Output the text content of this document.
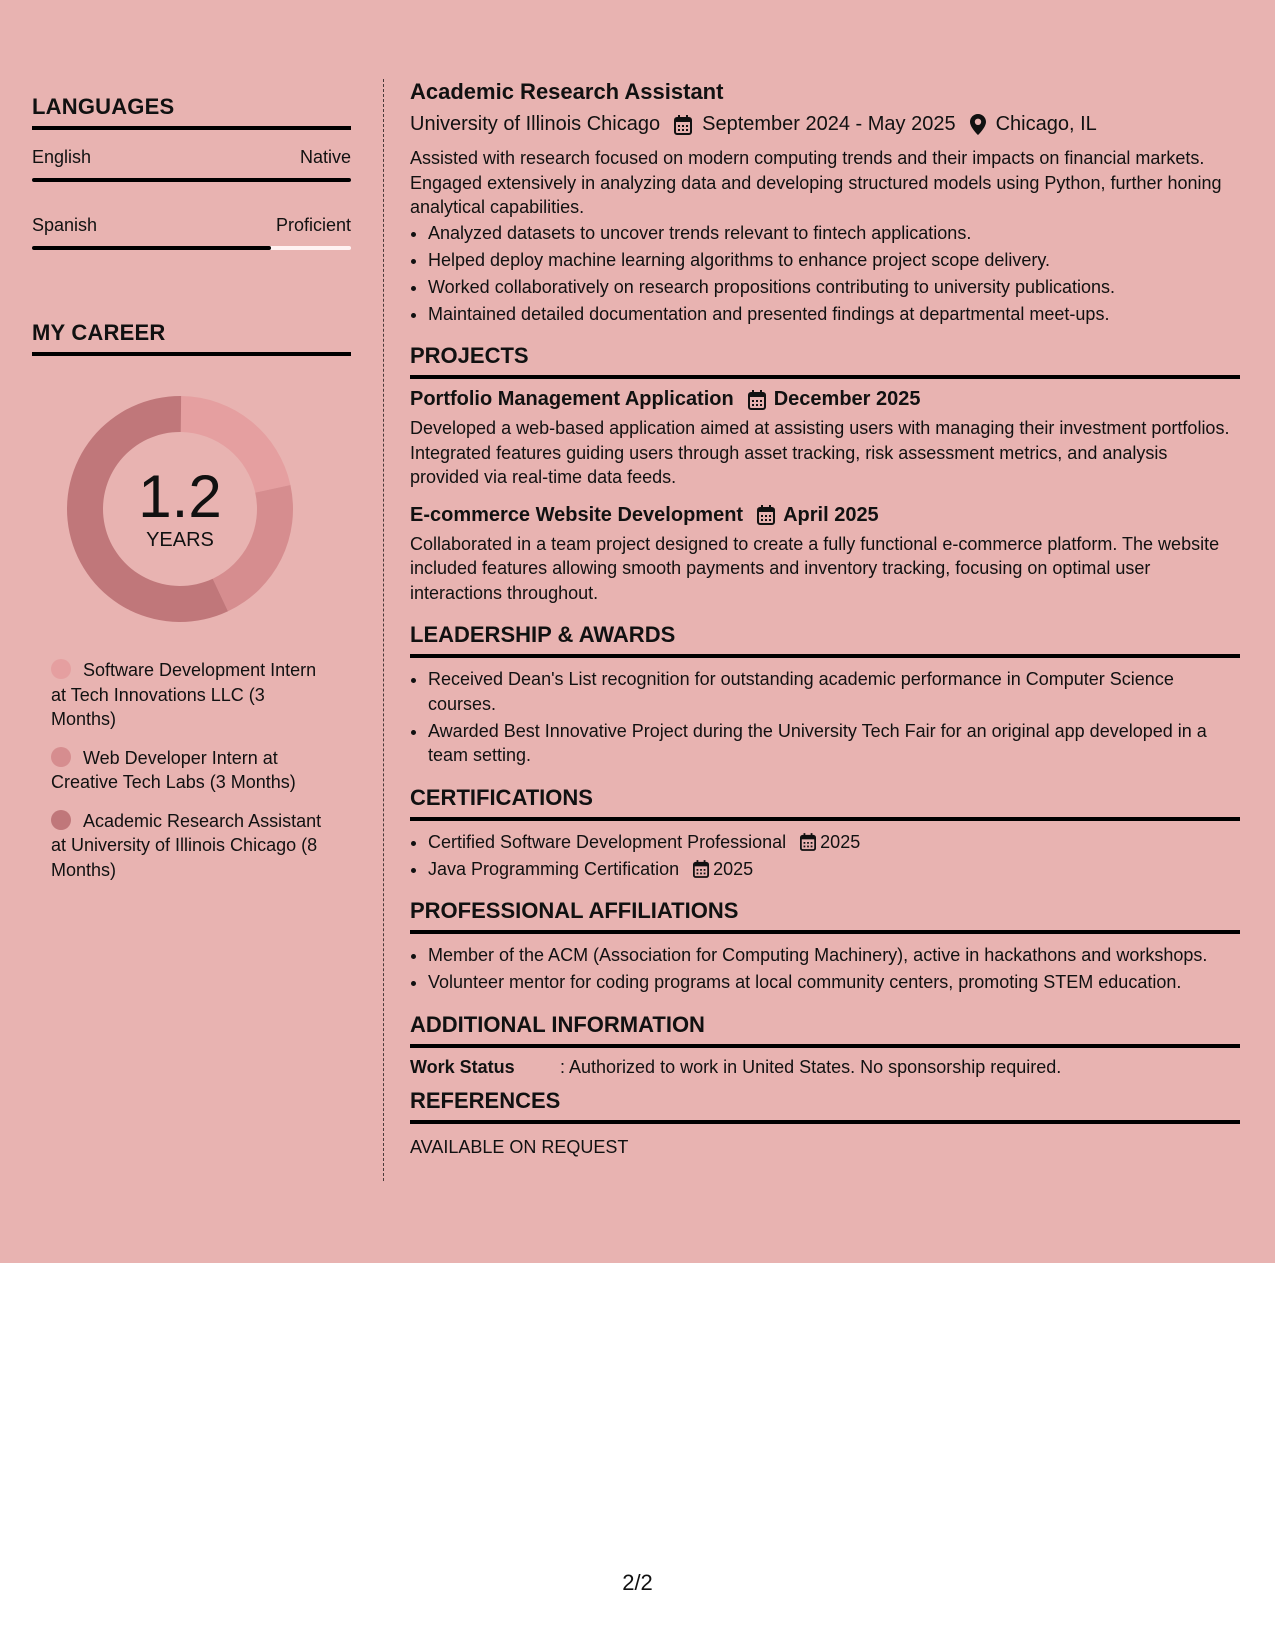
LANGUAGES
English	Native
Spanish	Proficient
MY CAREER
1.2
YEARS
Software Development Intern at Tech Innovations LLC (3 Months)
Web Developer Intern at Creative Tech Labs (3 Months)
Academic Research Assistant at University of Illinois Chicago (8 Months)
Academic Research Assistant
University of Illinois Chicago September 2024 - May 2025 Chicago, IL

Assisted with research focused on modern computing trends and their impacts on financial markets. Engaged extensively in analyzing data and developing structured models using Python, further honing analytical capabilities.

• Analyzed datasets to uncover trends relevant to fintech applications.
• Helped deploy machine learning algorithms to enhance project scope delivery.
• Worked collaboratively on research propositions contributing to university publications.
• Maintained detailed documentation and presented findings at departmental meet-ups.
PROJECTS
Portfolio Management Application December 2025

Developed a web-based application aimed at assisting users with managing their investment portfolios. Integrated features guiding users through asset tracking, risk assessment metrics, and analysis provided via real-time data feeds.

E-commerce Website Development April 2025

Collaborated in a team project designed to create a fully functional e-commerce platform. The website included features allowing smooth payments and inventory tracking, focusing on optimal user interactions throughout.

LEADERSHIP & AWARDS
• Received Dean's List recognition for outstanding academic performance in Computer Science courses.
• Awarded Best Innovative Project during the University Tech Fair for an original app developed in a team setting.
CERTIFICATIONS
• Certified Software Development Professional 2025
• Java Programming Certification 2025
PROFESSIONAL AFFILIATIONS
• Member of the ACM (Association for Computing Machinery), active in hackathons and workshops.
• Volunteer mentor for coding programs at local community centers, promoting STEM education.
ADDITIONAL INFORMATION
Work Status	: Authorized to work in United States. No sponsorship required.
REFERENCES
AVAILABLE ON REQUEST
2/2
